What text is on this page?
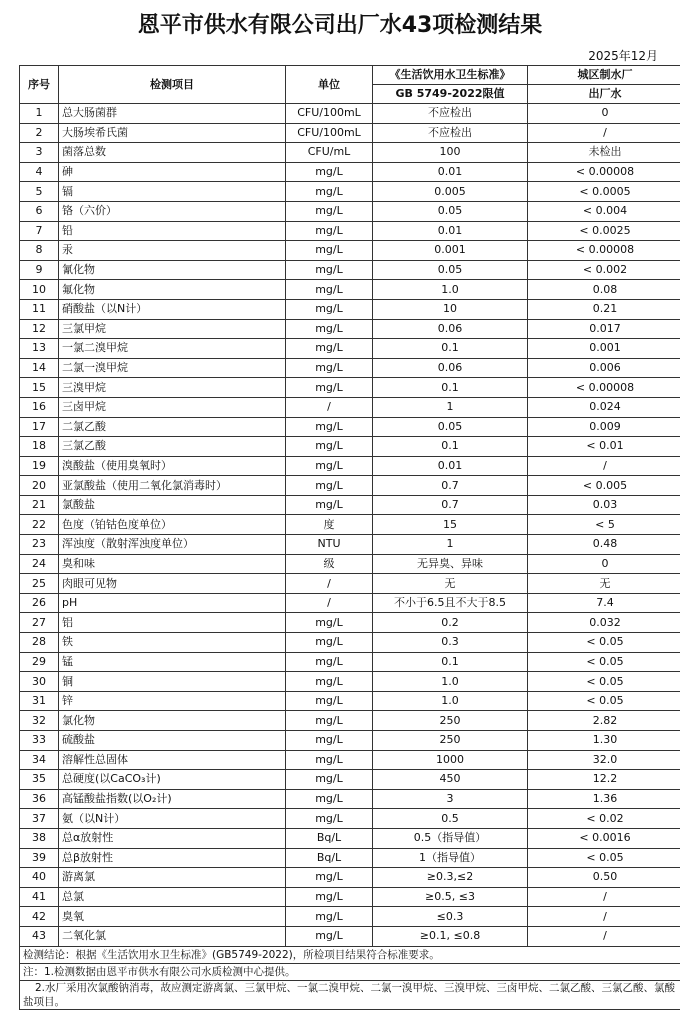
恩平市供水有限公司出厂水43项检测结果
2025年12月
序号	检测项目	单位	《生活饮用水卫生标准》	城区制水厂
			GB 5749-2022限值	出厂水
1	总大肠菌群	CFU/100mL	不应检出	0
2	大肠埃希氏菌	CFU/100mL	不应检出	/
3	菌落总数	CFU/mL	100	未检出
4	砷	mg/L	0.01	< 0.00008
5	镉	mg/L	0.005	< 0.0005
6	铬（六价）	mg/L	0.05	< 0.004
7	铅	mg/L	0.01	< 0.0025
8	汞	mg/L	0.001	< 0.00008
9	氰化物	mg/L	0.05	< 0.002
10	氟化物	mg/L	1.0	0.08
11	硝酸盐（以N计）	mg/L	10	0.21
12	三氯甲烷	mg/L	0.06	0.017
13	一氯二溴甲烷	mg/L	0.1	0.001
14	二氯一溴甲烷	mg/L	0.06	0.006
15	三溴甲烷	mg/L	0.1	< 0.00008
16	三卤甲烷	/	1	0.024
17	二氯乙酸	mg/L	0.05	0.009
18	三氯乙酸	mg/L	0.1	< 0.01
19	溴酸盐（使用臭氧时）	mg/L	0.01	/
20	亚氯酸盐（使用二氧化氯消毒时）	mg/L	0.7	< 0.005
21	氯酸盐	mg/L	0.7	0.03
22	色度（铂钴色度单位）	度	15	< 5
23	浑浊度（散射浑浊度单位）	NTU	1	0.48
24	臭和味	级	无异臭、异味	0
25	肉眼可见物	/	无	无
26	pH	/	不小于6.5且不大于8.5	7.4
27	铝	mg/L	0.2	0.032
28	铁	mg/L	0.3	< 0.05
29	锰	mg/L	0.1	< 0.05
30	铜	mg/L	1.0	< 0.05
31	锌	mg/L	1.0	< 0.05
32	氯化物	mg/L	250	2.82
33	硫酸盐	mg/L	250	1.30
34	溶解性总固体	mg/L	1000	32.0
35	总硬度(以CaCO₃计)	mg/L	450	12.2
36	高锰酸盐指数(以O₂计)	mg/L	3	1.36
37	氨（以N计）	mg/L	0.5	< 0.02
38	总α放射性	Bq/L	0.5（指导值）	< 0.0016
39	总β放射性	Bq/L	1（指导值）	< 0.05
40	游离氯	mg/L	≥0.3,≤2	0.50
41	总氯	mg/L	≥0.5, ≤3	/
42	臭氧	mg/L	≤0.3	/
43	二氧化氯	mg/L	≥0.1, ≤0.8	/
检测结论：根据《生活饮用水卫生标准》(GB5749-2022)，所检项目结果符合标准要求。				
注：1.检测数据由恩平市供水有限公司水质检测中心提供。				
2.水厂采用次氯酸钠消毒，故应测定游离氯、三氯甲烷、一氯二溴甲烷、二氯一溴甲烷、三溴甲烷、三卤甲烷、二氯乙酸、三氯乙酸、氯酸盐项目。				
